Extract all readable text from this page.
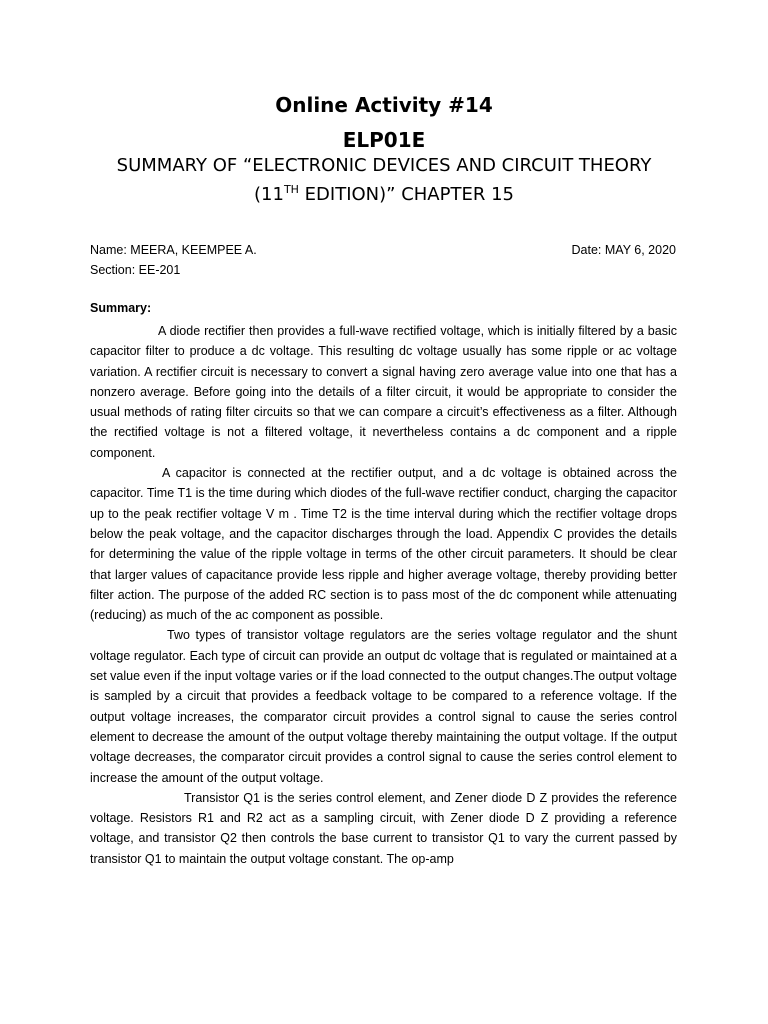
Online Activity #14
ELP01E
SUMMARY OF “ELECTRONIC DEVICES AND CIRCUIT THEORY
(11TH EDITION)” CHAPTER 15
Name: MEERA, KEEMPEE A.	Date: MAY 6, 2020
Section: EE-201
Summary:

A diode rectifier then provides a full-wave rectified voltage, which is initially filtered by a basic capacitor filter to produce a dc voltage. This resulting dc voltage usually has some ripple or ac voltage variation. A rectifier circuit is necessary to convert a signal having zero average value into one that has a nonzero average. Before going into the details of a filter circuit, it would be appropriate to consider the usual methods of rating filter circuits so that we can compare a circuit’s effectiveness as a filter. Although the rectified voltage is not a filtered voltage, it nevertheless contains a dc component and a ripple component.

A capacitor is connected at the rectifier output, and a dc voltage is obtained across the capacitor. Time T1 is the time during which diodes of the full-wave rectifier conduct, charging the capacitor up to the peak rectifier voltage V m . Time T2 is the time interval during which the rectifier voltage drops below the peak voltage, and the capacitor discharges through the load. Appendix C provides the details for determining the value of the ripple voltage in terms of the other circuit parameters. It should be clear that larger values of capacitance provide less ripple and higher average voltage, thereby providing better filter action. The purpose of the added RC section is to pass most of the dc component while attenuating (reducing) as much of the ac component as possible.

Two types of transistor voltage regulators are the series voltage regulator and the shunt voltage regulator. Each type of circuit can provide an output dc voltage that is regulated or maintained at a set value even if the input voltage varies or if the load connected to the output changes.The output voltage is sampled by a circuit that provides a feedback voltage to be compared to a reference voltage. If the output voltage increases, the comparator circuit provides a control signal to cause the series control element to decrease the amount of the output voltage thereby maintaining the output voltage. If the output voltage decreases, the comparator circuit provides a control signal to cause the series control element to increase the amount of the output voltage.

Transistor Q1 is the series control element, and Zener diode D Z provides the reference voltage. Resistors R1 and R2 act as a sampling circuit, with Zener diode D Z providing a reference voltage, and transistor Q2 then controls the base current to transistor Q1 to vary the current passed by transistor Q1 to maintain the output voltage constant. The op-amp
